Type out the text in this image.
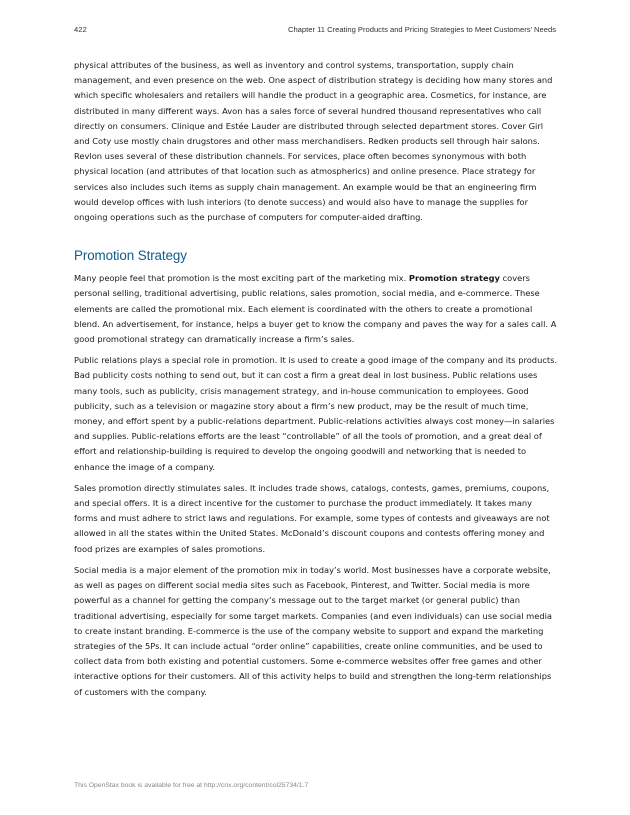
422	Chapter 11 Creating Products and Pricing Strategies to Meet Customers’ Needs

physical attributes of the business, as well as inventory and control systems, transportation, supply chain management, and even presence on the web. One aspect of distribution strategy is deciding how many stores and which specific wholesalers and retailers will handle the product in a geographic area. Cosmetics, for instance, are distributed in many different ways. Avon has a sales force of several hundred thousand representatives who call directly on consumers. Clinique and Estée Lauder are distributed through selected department stores. Cover Girl and Coty use mostly chain drugstores and other mass merchandisers. Redken products sell through hair salons. Revlon uses several of these distribution channels. For services, place often becomes synonymous with both physical location (and attributes of that location such as atmospherics) and online presence. Place strategy for services also includes such items as supply chain management. An example would be that an engineering firm would develop offices with lush interiors (to denote success) and would also have to manage the supplies for ongoing operations such as the purchase of computers for computer-aided drafting.

Promotion Strategy

Many people feel that promotion is the most exciting part of the marketing mix. Promotion strategy covers personal selling, traditional advertising, public relations, sales promotion, social media, and e-commerce. These elements are called the promotional mix. Each element is coordinated with the others to create a promotional blend. An advertisement, for instance, helps a buyer get to know the company and paves the way for a sales call. A good promotional strategy can dramatically increase a firm’s sales.

Public relations plays a special role in promotion. It is used to create a good image of the company and its products. Bad publicity costs nothing to send out, but it can cost a firm a great deal in lost business. Public relations uses many tools, such as publicity, crisis management strategy, and in-house communication to employees. Good publicity, such as a television or magazine story about a firm’s new product, may be the result of much time, money, and effort spent by a public-relations department. Public-relations activities always cost money—in salaries and supplies. Public-relations efforts are the least “controllable” of all the tools of promotion, and a great deal of effort and relationship-building is required to develop the ongoing goodwill and networking that is needed to enhance the image of a company.

Sales promotion directly stimulates sales. It includes trade shows, catalogs, contests, games, premiums, coupons, and special offers. It is a direct incentive for the customer to purchase the product immediately. It takes many forms and must adhere to strict laws and regulations. For example, some types of contests and giveaways are not allowed in all the states within the United States. McDonald’s discount coupons and contests offering money and food prizes are examples of sales promotions.

Social media is a major element of the promotion mix in today’s world. Most businesses have a corporate website, as well as pages on different social media sites such as Facebook, Pinterest, and Twitter. Social media is more powerful as a channel for getting the company’s message out to the target market (or general public) than traditional advertising, especially for some target markets. Companies (and even individuals) can use social media to create instant branding. E-commerce is the use of the company website to support and expand the marketing strategies of the 5Ps. It can include actual “order online” capabilities, create online communities, and be used to collect data from both existing and potential customers. Some e-commerce websites offer free games and other interactive options for their customers. All of this activity helps to build and strengthen the long-term relationships of customers with the company.

This OpenStax book is available for free at http://cnx.org/content/col25734/1.7
